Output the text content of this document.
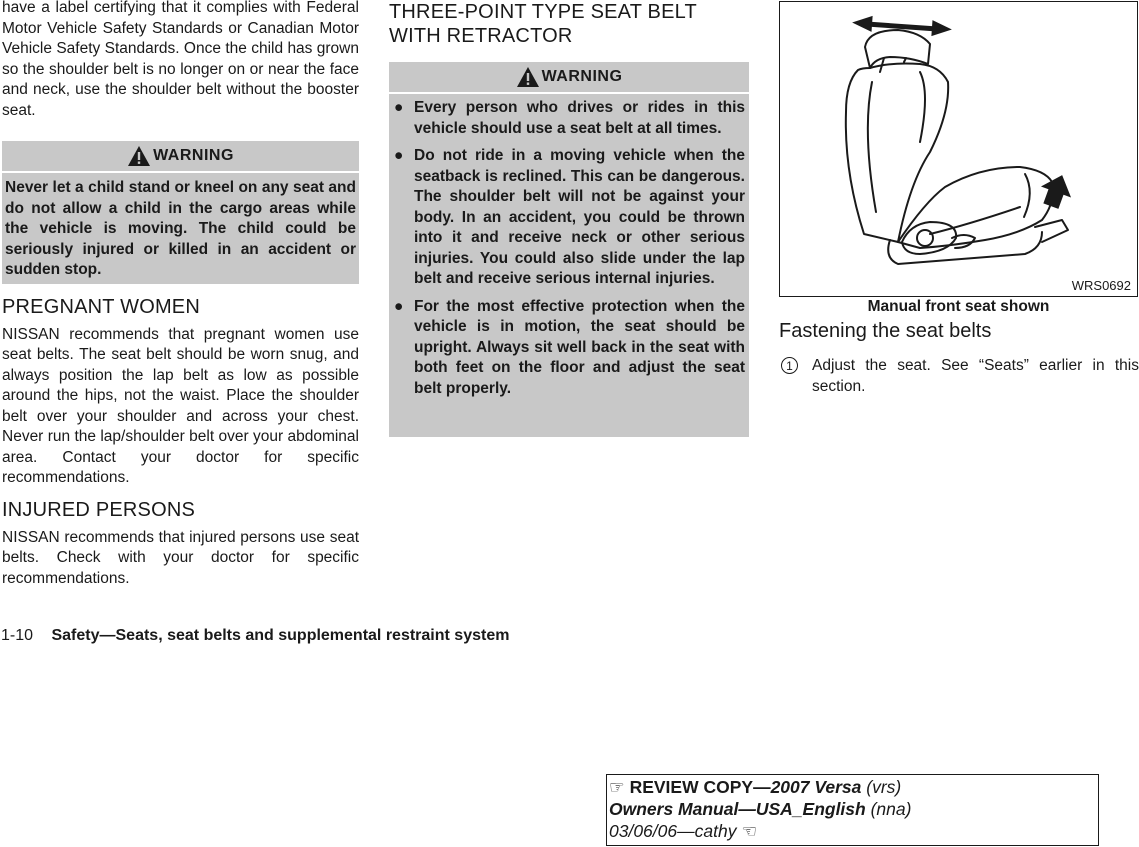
have a label certifying that it complies with Federal Motor Vehicle Safety Standards or Canadian Motor Vehicle Safety Standards. Once the child has grown so the shoulder belt is no longer on or near the face and neck, use the shoulder belt without the booster seat.

WARNING
Never let a child stand or kneel on any seat and do not allow a child in the cargo areas while the vehicle is moving. The child could be seriously injured or killed in an accident or sudden stop.
PREGNANT WOMEN

NISSAN recommends that pregnant women use seat belts. The seat belt should be worn snug, and always position the lap belt as low as possible around the hips, not the waist. Place the shoulder belt over your shoulder and across your chest. Never run the lap/shoulder belt over your abdominal area. Contact your doctor for specific recommendations.

INJURED PERSONS

NISSAN recommends that injured persons use seat belts. Check with your doctor for specific recommendations.

THREE-POINT TYPE SEAT BELT
WITH RETRACTOR
WARNING
● Every person who drives or rides in this vehicle should use a seat belt at all times.
● Do not ride in a moving vehicle when the seatback is reclined. This can be dangerous. The shoulder belt will not be against your body. In an accident, you could be thrown into it and receive neck or other serious injuries. You could also slide under the lap belt and receive serious internal injuries.
● For the most effective protection when the vehicle is in motion, the seat should be upright. Always sit well back in the seat with both feet on the floor and adjust the seat belt properly.
WRS0692
Manual front seat shown
Fastening the seat belts
1	Adjust the seat. See “Seats” earlier in this section.
1-10 Safety—Seats, seat belts and supplemental restraint system
☞ REVIEW COPY—2007 Versa (vrs)
Owners Manual—USA_English (nna)
03/06/06—cathy ☜
